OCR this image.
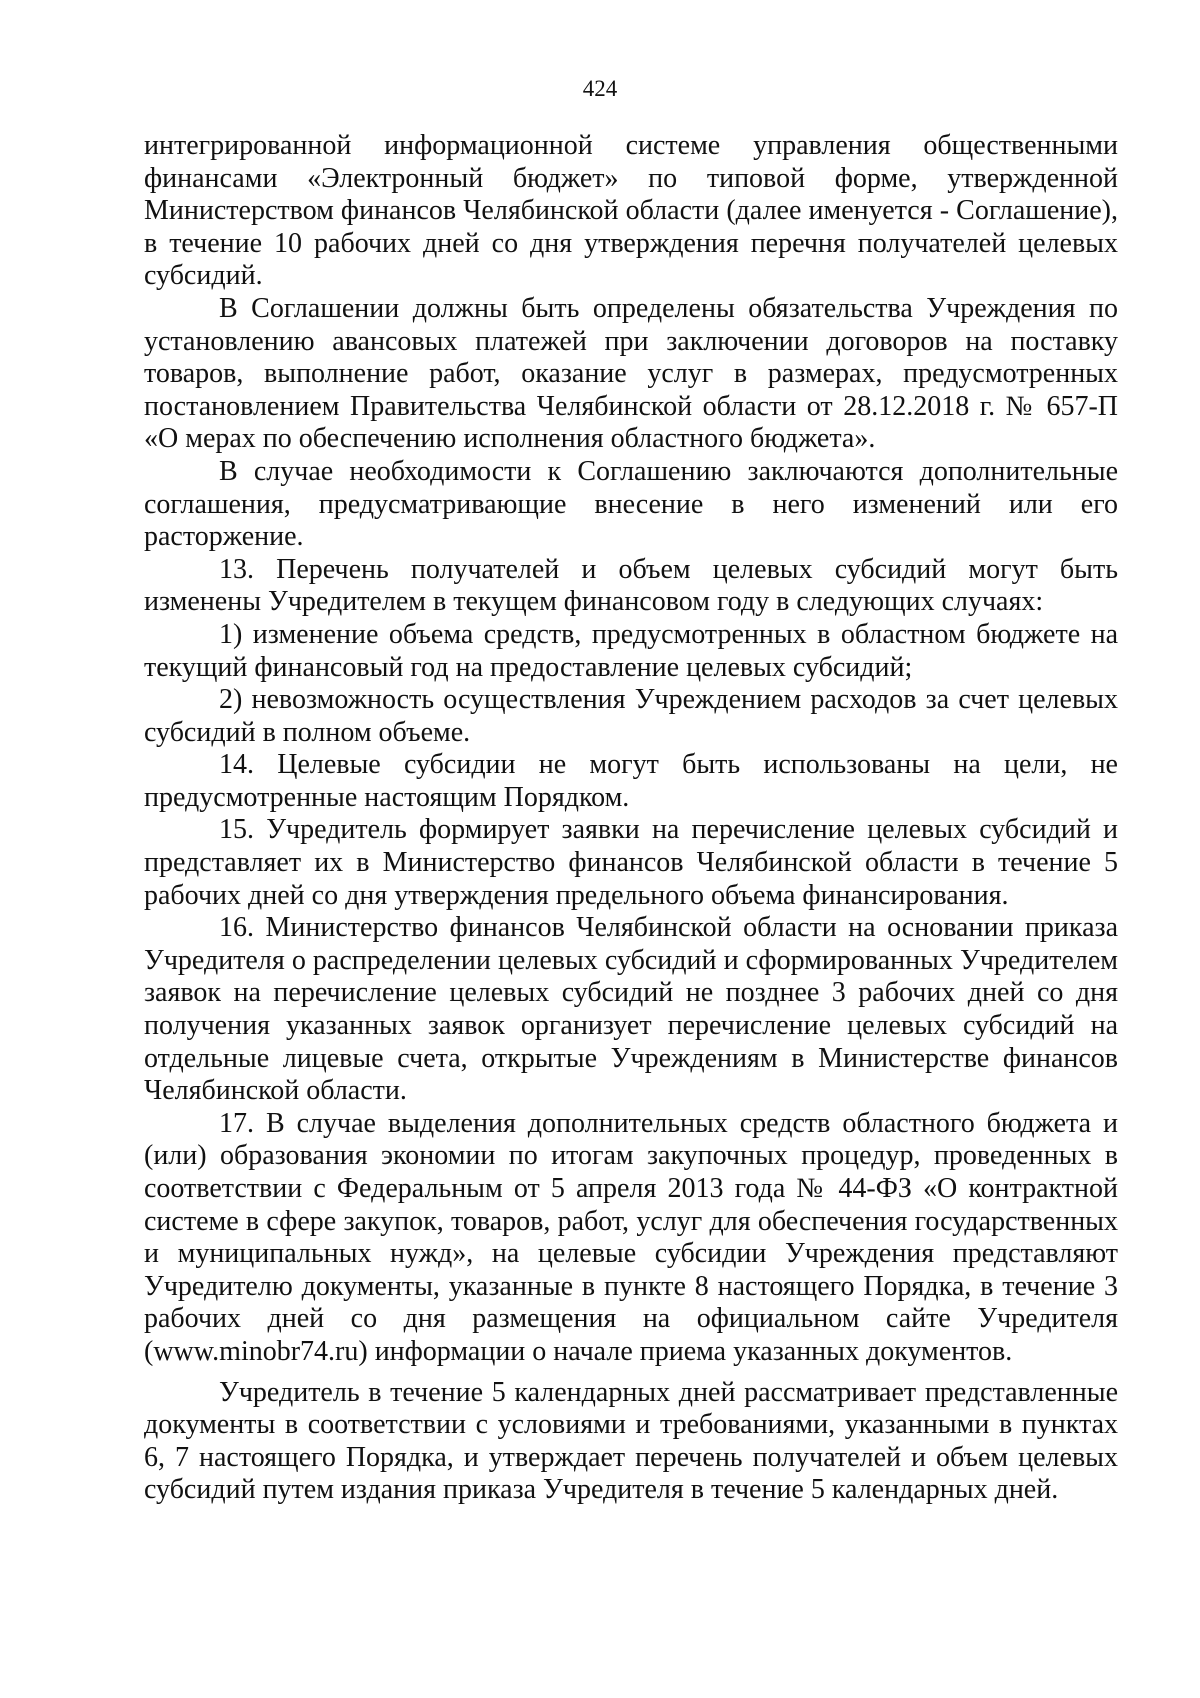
424

интегрированной информационной системе управления общественными финансами «Электронный бюджет» по типовой форме, утвержденной Министерством финансов Челябинской области (далее именуется - Соглашение), в течение 10 рабочих дней со дня утверждения перечня получателей целевых субсидий.

В Соглашении должны быть определены обязательства Учреждения по установлению авансовых платежей при заключении договоров на поставку товаров, выполнение работ, оказание услуг в размерах, предусмотренных постановлением Правительства Челябинской области от 28.12.2018 г. № 657-П «О мерах по обеспечению исполнения областного бюджета».

В случае необходимости к Соглашению заключаются дополнительные соглашения, предусматривающие внесение в него изменений или его расторжение.

13. Перечень получателей и объем целевых субсидий могут быть изменены Учредителем в текущем финансовом году в следующих случаях:

1) изменение объема средств, предусмотренных в областном бюджете на текущий финансовый год на предоставление целевых субсидий;

2) невозможность осуществления Учреждением расходов за счет целевых субсидий в полном объеме.

14. Целевые субсидии не могут быть использованы на цели, не предусмотренные настоящим Порядком.

15. Учредитель формирует заявки на перечисление целевых субсидий и представляет их в Министерство финансов Челябинской области в течение 5 рабочих дней со дня утверждения предельного объема финансирования.

16. Министерство финансов Челябинской области на основании приказа Учредителя о распределении целевых субсидий и сформированных Учредителем заявок на перечисление целевых субсидий не позднее 3 рабочих дней со дня получения указанных заявок организует перечисление целевых субсидий на отдельные лицевые счета, открытые Учреждениям в Министерстве финансов Челябинской области.

17. В случае выделения дополнительных средств областного бюджета и (или) образования экономии по итогам закупочных процедур, проведенных в соответствии с Федеральным от 5 апреля 2013 года № 44-ФЗ «О контрактной системе в сфере закупок, товаров, работ, услуг для обеспечения государственных и муниципальных нужд», на целевые субсидии Учреждения представляют Учредителю документы, указанные в пункте 8 настоящего Порядка, в течение 3 рабочих дней со дня размещения на официальном сайте Учредителя (www.minobr74.ru) информации о начале приема указанных документов.

Учредитель в течение 5 календарных дней рассматривает представленные документы в соответствии с условиями и требованиями, указанными в пунктах 6, 7 настоящего Порядка, и утверждает перечень получателей и объем целевых субсидий путем издания приказа Учредителя в течение 5 календарных дней.
